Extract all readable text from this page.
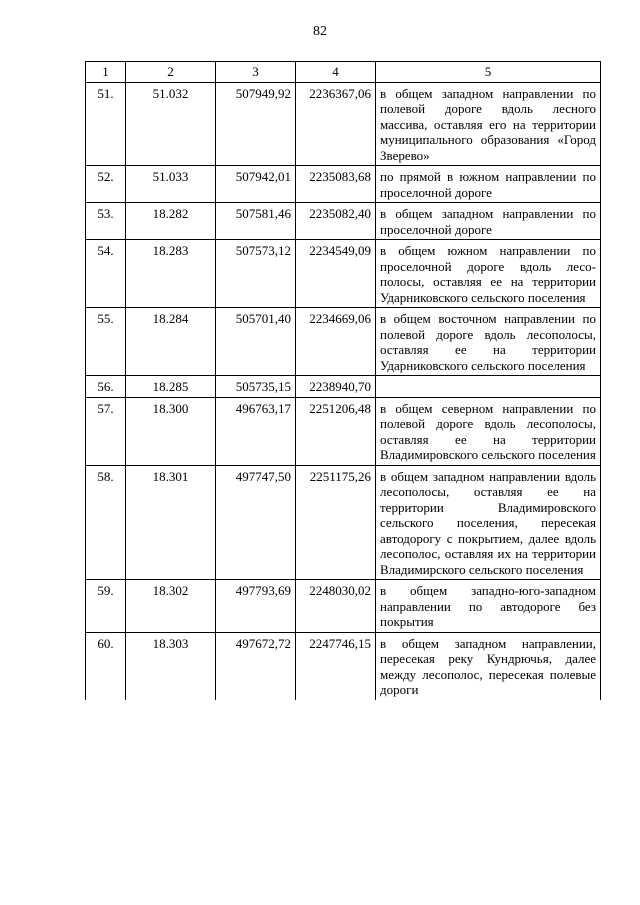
82
1	2	3	4	5
51.	51.032	507949,92	2236367,06	в общем западном направлении по полевой дороге вдоль лесного массива, оставляя его на территории муниципального образования «Город Зверево»
52.	51.033	507942,01	2235083,68	по прямой в южном направлении по проселочной дороге
53.	18.282	507581,46	2235082,40	в общем западном направлении по проселочной дороге
54.	18.283	507573,12	2234549,09	в общем южном направлении по проселочной дороге вдоль лесополосы, оставляя ее на территории Ударниковского сельского поселения
55.	18.284	505701,40	2234669,06	в общем восточном направлении по полевой дороге вдоль лесополосы, оставляя ее на территории Ударниковского сельского поселения
56.	18.285	505735,15	2238940,70	
57.	18.300	496763,17	2251206,48	в общем северном направлении по полевой дороге вдоль лесополосы, оставляя ее на территории Владимировского сельского поселения
58.	18.301	497747,50	2251175,26	в общем западном направлении вдоль лесополосы, оставляя ее на территории Владимировского сельского поселения, пересекая автодорогу с покрытием, далее вдоль лесополос, оставляя их на территории Владимирского сельского поселения
59.	18.302	497793,69	2248030,02	в общем западно-юго-западном направлении по автодороге без покрытия
60.	18.303	497672,72	2247746,15	в общем западном направлении, пересекая реку Кундрючья, далее между лесополос, пересекая полевые дороги
